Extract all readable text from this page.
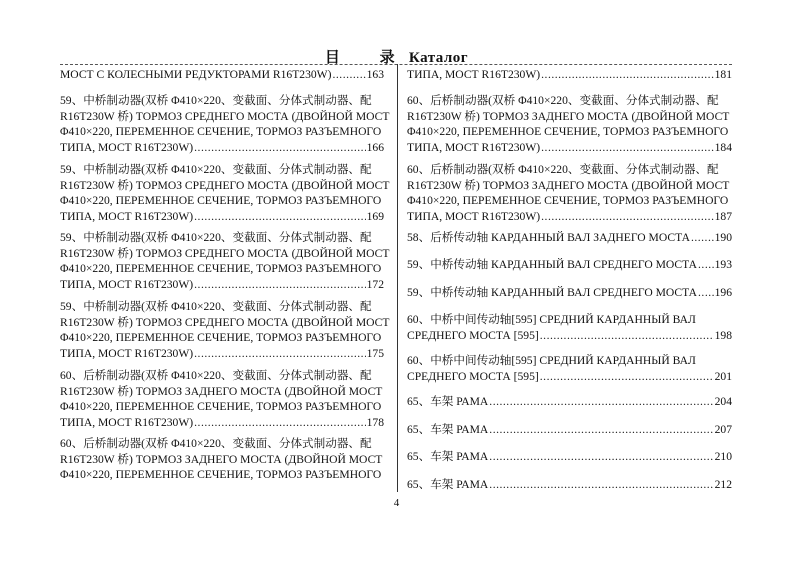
目 录 Каталог
МОСТ С КОЛЕСНЫМИ РЕДУКТОРАМИ R16T230W) .....	163
59、中桥制动器(双桥 Φ410×220、变截面、分体式制动器、配
R16T230W 桥) ТОРМОЗ СРЕДНЕГО МОСТА (ДВОЙНОЙ МОСТ
Φ410×220, ПЕРЕМЕННОЕ СЕЧЕНИЕ, ТОРМОЗ РАЗЪЕМНОГО
ТИПА, МОСТ R16T230W) .....	166
59、中桥制动器(双桥 Φ410×220、变截面、分体式制动器、配
R16T230W 桥) ТОРМОЗ СРЕДНЕГО МОСТА (ДВОЙНОЙ МОСТ
Φ410×220, ПЕРЕМЕННОЕ СЕЧЕНИЕ, ТОРМОЗ РАЗЪЕМНОГО
ТИПА, МОСТ R16T230W) .....	169
59、中桥制动器(双桥 Φ410×220、变截面、分体式制动器、配
R16T230W 桥) ТОРМОЗ СРЕДНЕГО МОСТА (ДВОЙНОЙ МОСТ
Φ410×220, ПЕРЕМЕННОЕ СЕЧЕНИЕ, ТОРМОЗ РАЗЪЕМНОГО
ТИПА, МОСТ R16T230W) .....	172
59、中桥制动器(双桥 Φ410×220、变截面、分体式制动器、配
R16T230W 桥) ТОРМОЗ СРЕДНЕГО МОСТА (ДВОЙНОЙ МОСТ
Φ410×220, ПЕРЕМЕННОЕ СЕЧЕНИЕ, ТОРМОЗ РАЗЪЕМНОГО
ТИПА, МОСТ R16T230W) .....	175
60、后桥制动器(双桥 Φ410×220、变截面、分体式制动器、配
R16T230W 桥) ТОРМОЗ ЗАДНЕГО МОСТА (ДВОЙНОЙ МОСТ
Φ410×220, ПЕРЕМЕННОЕ СЕЧЕНИЕ, ТОРМОЗ РАЗЪЕМНОГО
ТИПА, МОСТ R16T230W) .....	178
60、后桥制动器(双桥 Φ410×220、变截面、分体式制动器、配
R16T230W 桥) ТОРМОЗ ЗАДНЕГО МОСТА (ДВОЙНОЙ МОСТ
Φ410×220, ПЕРЕМЕННОЕ СЕЧЕНИЕ, ТОРМОЗ РАЗЪЕМНОГО
ТИПА, МОСТ R16T230W) .....	181
60、后桥制动器(双桥 Φ410×220、变截面、分体式制动器、配
R16T230W 桥) ТОРМОЗ ЗАДНЕГО МОСТА (ДВОЙНОЙ МОСТ
Φ410×220, ПЕРЕМЕННОЕ СЕЧЕНИЕ, ТОРМОЗ РАЗЪЕМНОГО
ТИПА, МОСТ R16T230W) .....	184
60、后桥制动器(双桥 Φ410×220、变截面、分体式制动器、配
R16T230W 桥) ТОРМОЗ ЗАДНЕГО МОСТА (ДВОЙНОЙ МОСТ
Φ410×220, ПЕРЕМЕННОЕ СЕЧЕНИЕ, ТОРМОЗ РАЗЪЕМНОГО
ТИПА, МОСТ R16T230W) .....	187
58、后桥传动轴 КАРДАННЫЙ ВАЛ ЗАДНЕГО МОСТА ..... 190
59、中桥传动轴 КАРДАННЫЙ ВАЛ СРЕДНЕГО МОСТА ..... 193
59、中桥传动轴 КАРДАННЫЙ ВАЛ СРЕДНЕГО МОСТА ..... 196
60、中桥中间传动轴[595] СРЕДНИЙ КАРДАННЫЙ ВАЛ
СРЕДНЕГО МОСТА [595] .....	198
60、中桥中间传动轴[595] СРЕДНИЙ КАРДАННЫЙ ВАЛ
СРЕДНЕГО МОСТА [595] .....	201
65、车架 РАМА .....	204
65、车架 РАМА .....	207
65、车架 РАМА .....	210
65、车架 РАМА .....	212
4
